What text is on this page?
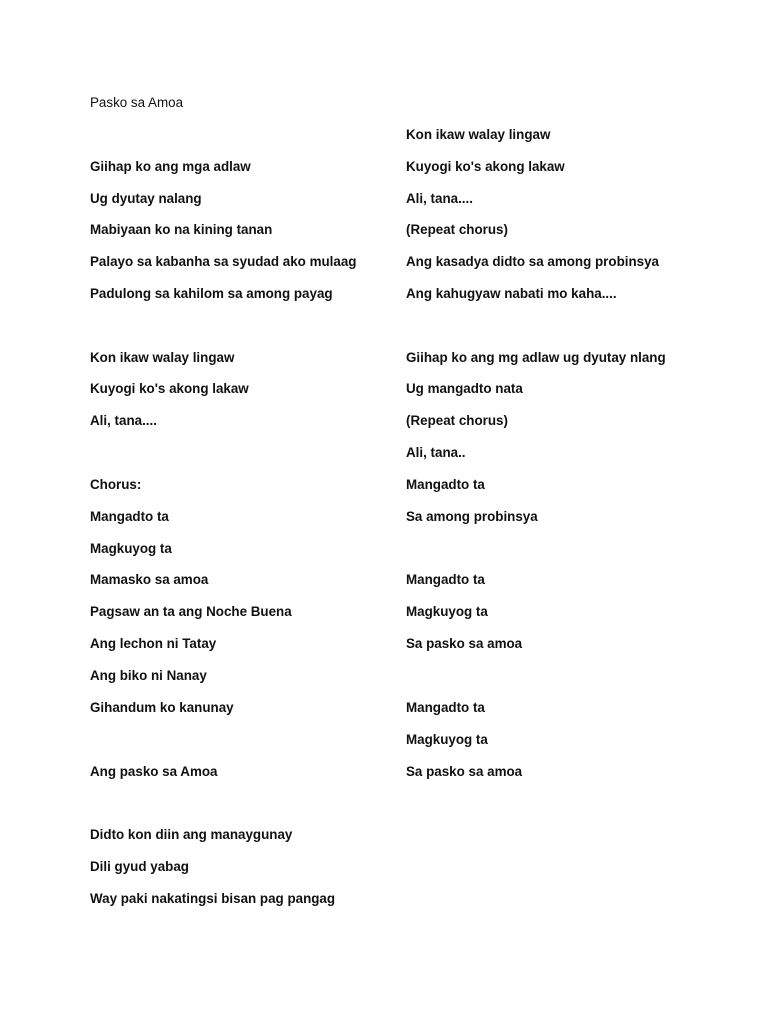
Pasko sa Amoa
Giihap ko ang mga adlaw
Ug dyutay nalang
Mabiyaan ko na kining tanan
Palayo sa kabanha sa syudad ako mulaag
Padulong sa kahilom sa among payag
Kon ikaw walay lingaw
Kuyogi ko's akong lakaw
Ali, tana....
Chorus:
Mangadto ta
Magkuyog ta
Mamasko sa amoa
Pagsaw an ta ang Noche Buena
Ang lechon ni Tatay
Ang biko ni Nanay
Gihandum ko kanunay
Ang pasko sa Amoa
Didto kon diin ang manaygunay
Dili gyud yabag
Way paki nakatingsi bisan pag pangag
Kon ikaw walay lingaw
Kuyogi ko's akong lakaw
Ali, tana....
(Repeat chorus)
Ang kasadya didto sa among probinsya
Ang kahugyaw nabati mo kaha....
Giihap ko ang mg adlaw ug dyutay nlang
Ug mangadto nata
(Repeat chorus)
Ali, tana..
Mangadto ta
Sa among probinsya
Mangadto ta
Magkuyog ta
Sa pasko sa amoa
Mangadto ta
Magkuyog ta
Sa pasko sa amoa
